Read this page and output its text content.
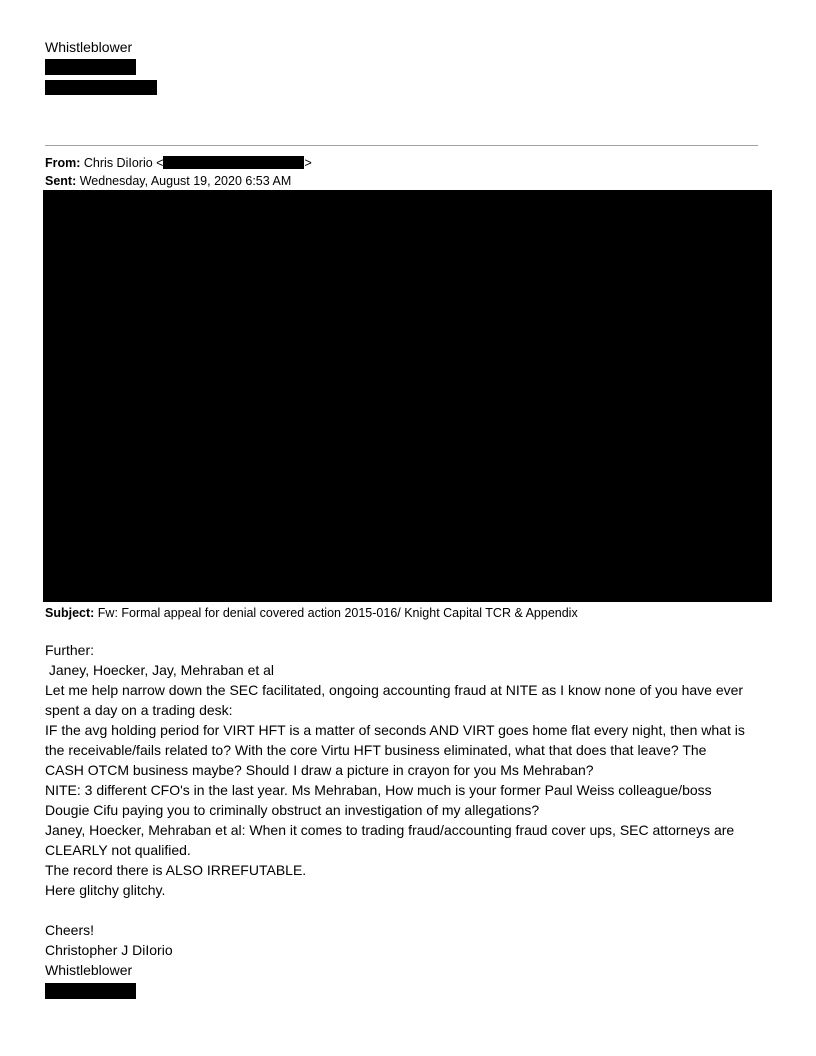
Whistleblower
From: Chris DiIorio <	>
Sent: Wednesday, August 19, 2020 6:53 AM
Subject: Fw: Formal appeal for denial covered action 2015-016/ Knight Capital TCR & Appendix
Further:
Janey, Hoecker, Jay, Mehraban et al
Let me help narrow down the SEC facilitated, ongoing accounting fraud at NITE as I know none of you have ever
spent a day on a trading desk:
IF the avg holding period for VIRT HFT is a matter of seconds AND VIRT goes home flat every night, then what is
the receivable/fails related to? With the core Virtu HFT business eliminated, what that does that leave? The
CASH OTCM business maybe? Should I draw a picture in crayon for you Ms Mehraban?
NITE: 3 different CFO's in the last year. Ms Mehraban, How much is your former Paul Weiss colleague/boss
Dougie Cifu paying you to criminally obstruct an investigation of my allegations?
Janey, Hoecker, Mehraban et al: When it comes to trading fraud/accounting fraud cover ups, SEC attorneys are
CLEARLY not qualified.
The record there is ALSO IRREFUTABLE.
Here glitchy glitchy.
Cheers!
Christopher J DiIorio
Whistleblower
